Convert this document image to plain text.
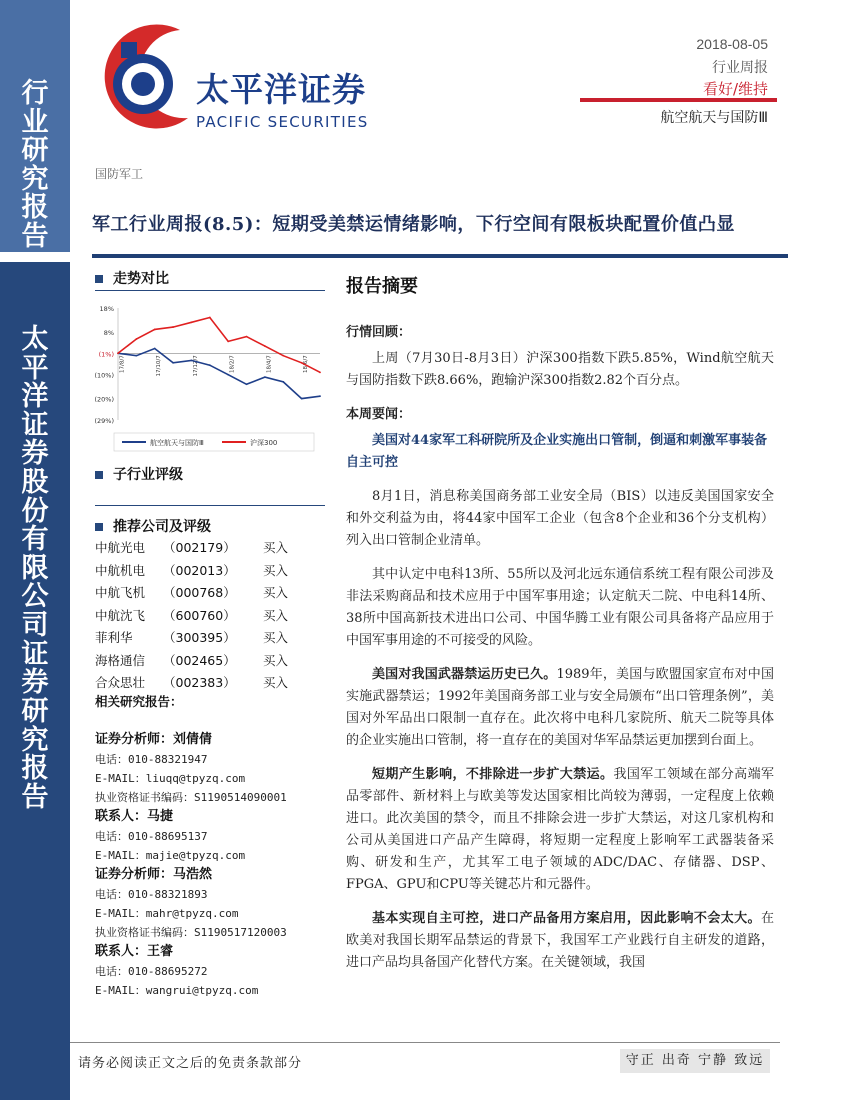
行
业
研
究
报
告
太
平
洋
证
券
股
份
有
限
公
司
证
券
研
究
报
告
太平洋证券
PACIFIC SECURITIES
2018-08-05
行业周报
看好/维持
航空航天与国防Ⅲ
国防军工
军工行业周报(8.5)：短期受美禁运情绪影响，下行空间有限板块配置价值凸显
走势对比
18%
8%
(1%)
(10%)
(20%)
(29%)
17/8/7	17/10/7	17/12/7	18/2/7	18/4/7	18/6/7
航空航天与国防Ⅲ	沪深300
子行业评级
推荐公司及评级
中航光电 （002179） 买入
中航机电 （002013） 买入
中航飞机 （000768） 买入
中航沈飞 （600760） 买入
菲利华 （300395） 买入
海格通信 （002465） 买入
合众思壮 （002383） 买入
相关研究报告：
证券分析师：刘倩倩
电话：010-88321947
E-MAIL：liuqq@tpyzq.com
执业资格证书编码：S1190514090001
联系人：马捷
电话：010-88695137
E-MAIL：majie@tpyzq.com
证券分析师：马浩然
电话：010-88321893
E-MAIL：mahr@tpyzq.com
执业资格证书编码：S1190517120003
联系人：王睿
电话：010-88695272
E-MAIL：wangrui@tpyzq.com
报告摘要
行情回顾：
上周（7月30日-8月3日）沪深300指数下跌5.85%，Wind航空航天与国防指数下跌8.66%，跑输沪深300指数2.82个百分点。
本周要闻：
美国对44家军工科研院所及企业实施出口管制，倒逼和刺激军事装备自主可控
8月1日，消息称美国商务部工业安全局（BIS）以违反美国国家安全和外交利益为由，将44家中国军工企业（包含8个企业和36个分支机构）列入出口管制企业清单。
其中认定中电科13所、55所以及河北远东通信系统工程有限公司涉及非法采购商品和技术应用于中国军事用途；认定航天二院、中电科14所、38所中国高新技术进出口公司、中国华腾工业有限公司具备将产品应用于中国军事用途的不可接受的风险。
美国对我国武器禁运历史已久。1989年，美国与欧盟国家宣布对中国实施武器禁运；1992年美国商务部工业与安全局颁布“出口管理条例”，美国对外军品出口限制一直存在。此次将中电科几家院所、航天二院等具体的企业实施出口管制，将一直存在的美国对华军品禁运更加摆到台面上。
短期产生影响，不排除进一步扩大禁运。我国军工领域在部分高端军品零部件、新材料上与欧美等发达国家相比尚较为薄弱，一定程度上依赖进口。此次美国的禁令，而且不排除会进一步扩大禁运，对这几家机构和公司从美国进口产品产生障碍，将短期一定程度上影响军工武器装备采购、研发和生产，尤其军工电子领域的ADC/DAC、存储器、DSP、FPGA、GPU和CPU等关键芯片和元器件。
基本实现自主可控，进口产品备用方案启用，因此影响不会太大。在欧美对我国长期军品禁运的背景下，我国军工产业践行自主研发的道路，进口产品均具备国产化替代方案。在关键领域，我国
请务必阅读正文之后的免责条款部分	守正 出奇 宁静 致远
